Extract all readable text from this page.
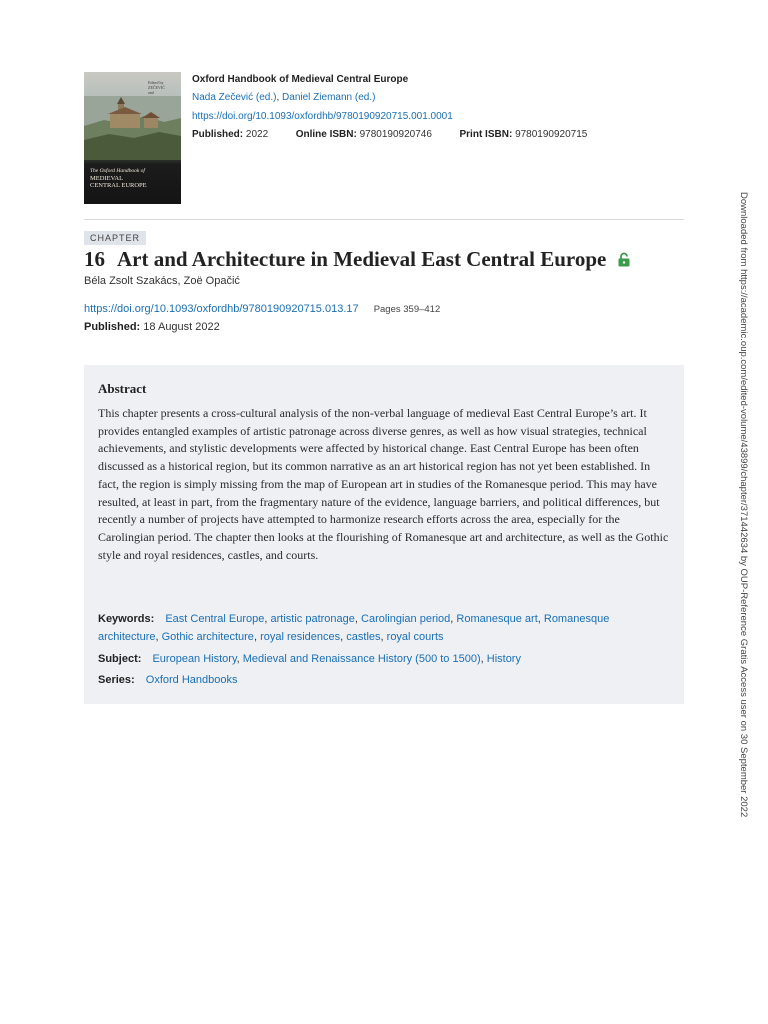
Edited by
ZEČEVIĆ
and

The Oxford Handbook of
MEDIEVAL
CENTRAL EUROPE
Oxford Handbook of Medieval Central Europe
Nada Zečević (ed.), Daniel Ziemann (ed.)
https://doi.org/10.1093/oxfordhb/9780190920715.001.0001
Published: 2022	Online ISBN: 9780190920746	Print ISBN: 9780190920715
CHAPTER
16 Art and Architecture in Medieval East Central Europe
Béla Zsolt Szakács, Zoë Opačić
https://doi.org/10.1093/oxfordhb/9780190920715.013.17 Pages 359–412
Published: 18 August 2022
Abstract
This chapter presents a cross-cultural analysis of the non-verbal language of medieval East Central Europe’s art. It provides entangled examples of artistic patronage across diverse genres, as well as how visual strategies, technical achievements, and stylistic developments were affected by historical change. East Central Europe has been often discussed as a historical region, but its common narrative as an art historical region has not yet been established. In fact, the region is simply missing from the map of European art in studies of the Romanesque period. This may have resulted, at least in part, from the fragmentary nature of the evidence, language barriers, and political differences, but recently a number of projects have attempted to harmonize research efforts across the area, especially for the Carolingian period. The chapter then looks at the flourishing of Romanesque art and architecture, as well as the Gothic style and royal residences, castles, and courts.
Keywords: East Central Europe, artistic patronage, Carolingian period, Romanesque art, Romanesque architecture, Gothic architecture, royal residences, castles, royal courts
Subject: European History, Medieval and Renaissance History (500 to 1500), History
Series: Oxford Handbooks	Downloaded from https://academic.oup.com/edited-volume/43899/chapter/371442634 by OUP-Reference Gratis Access user on 30 September 2022
